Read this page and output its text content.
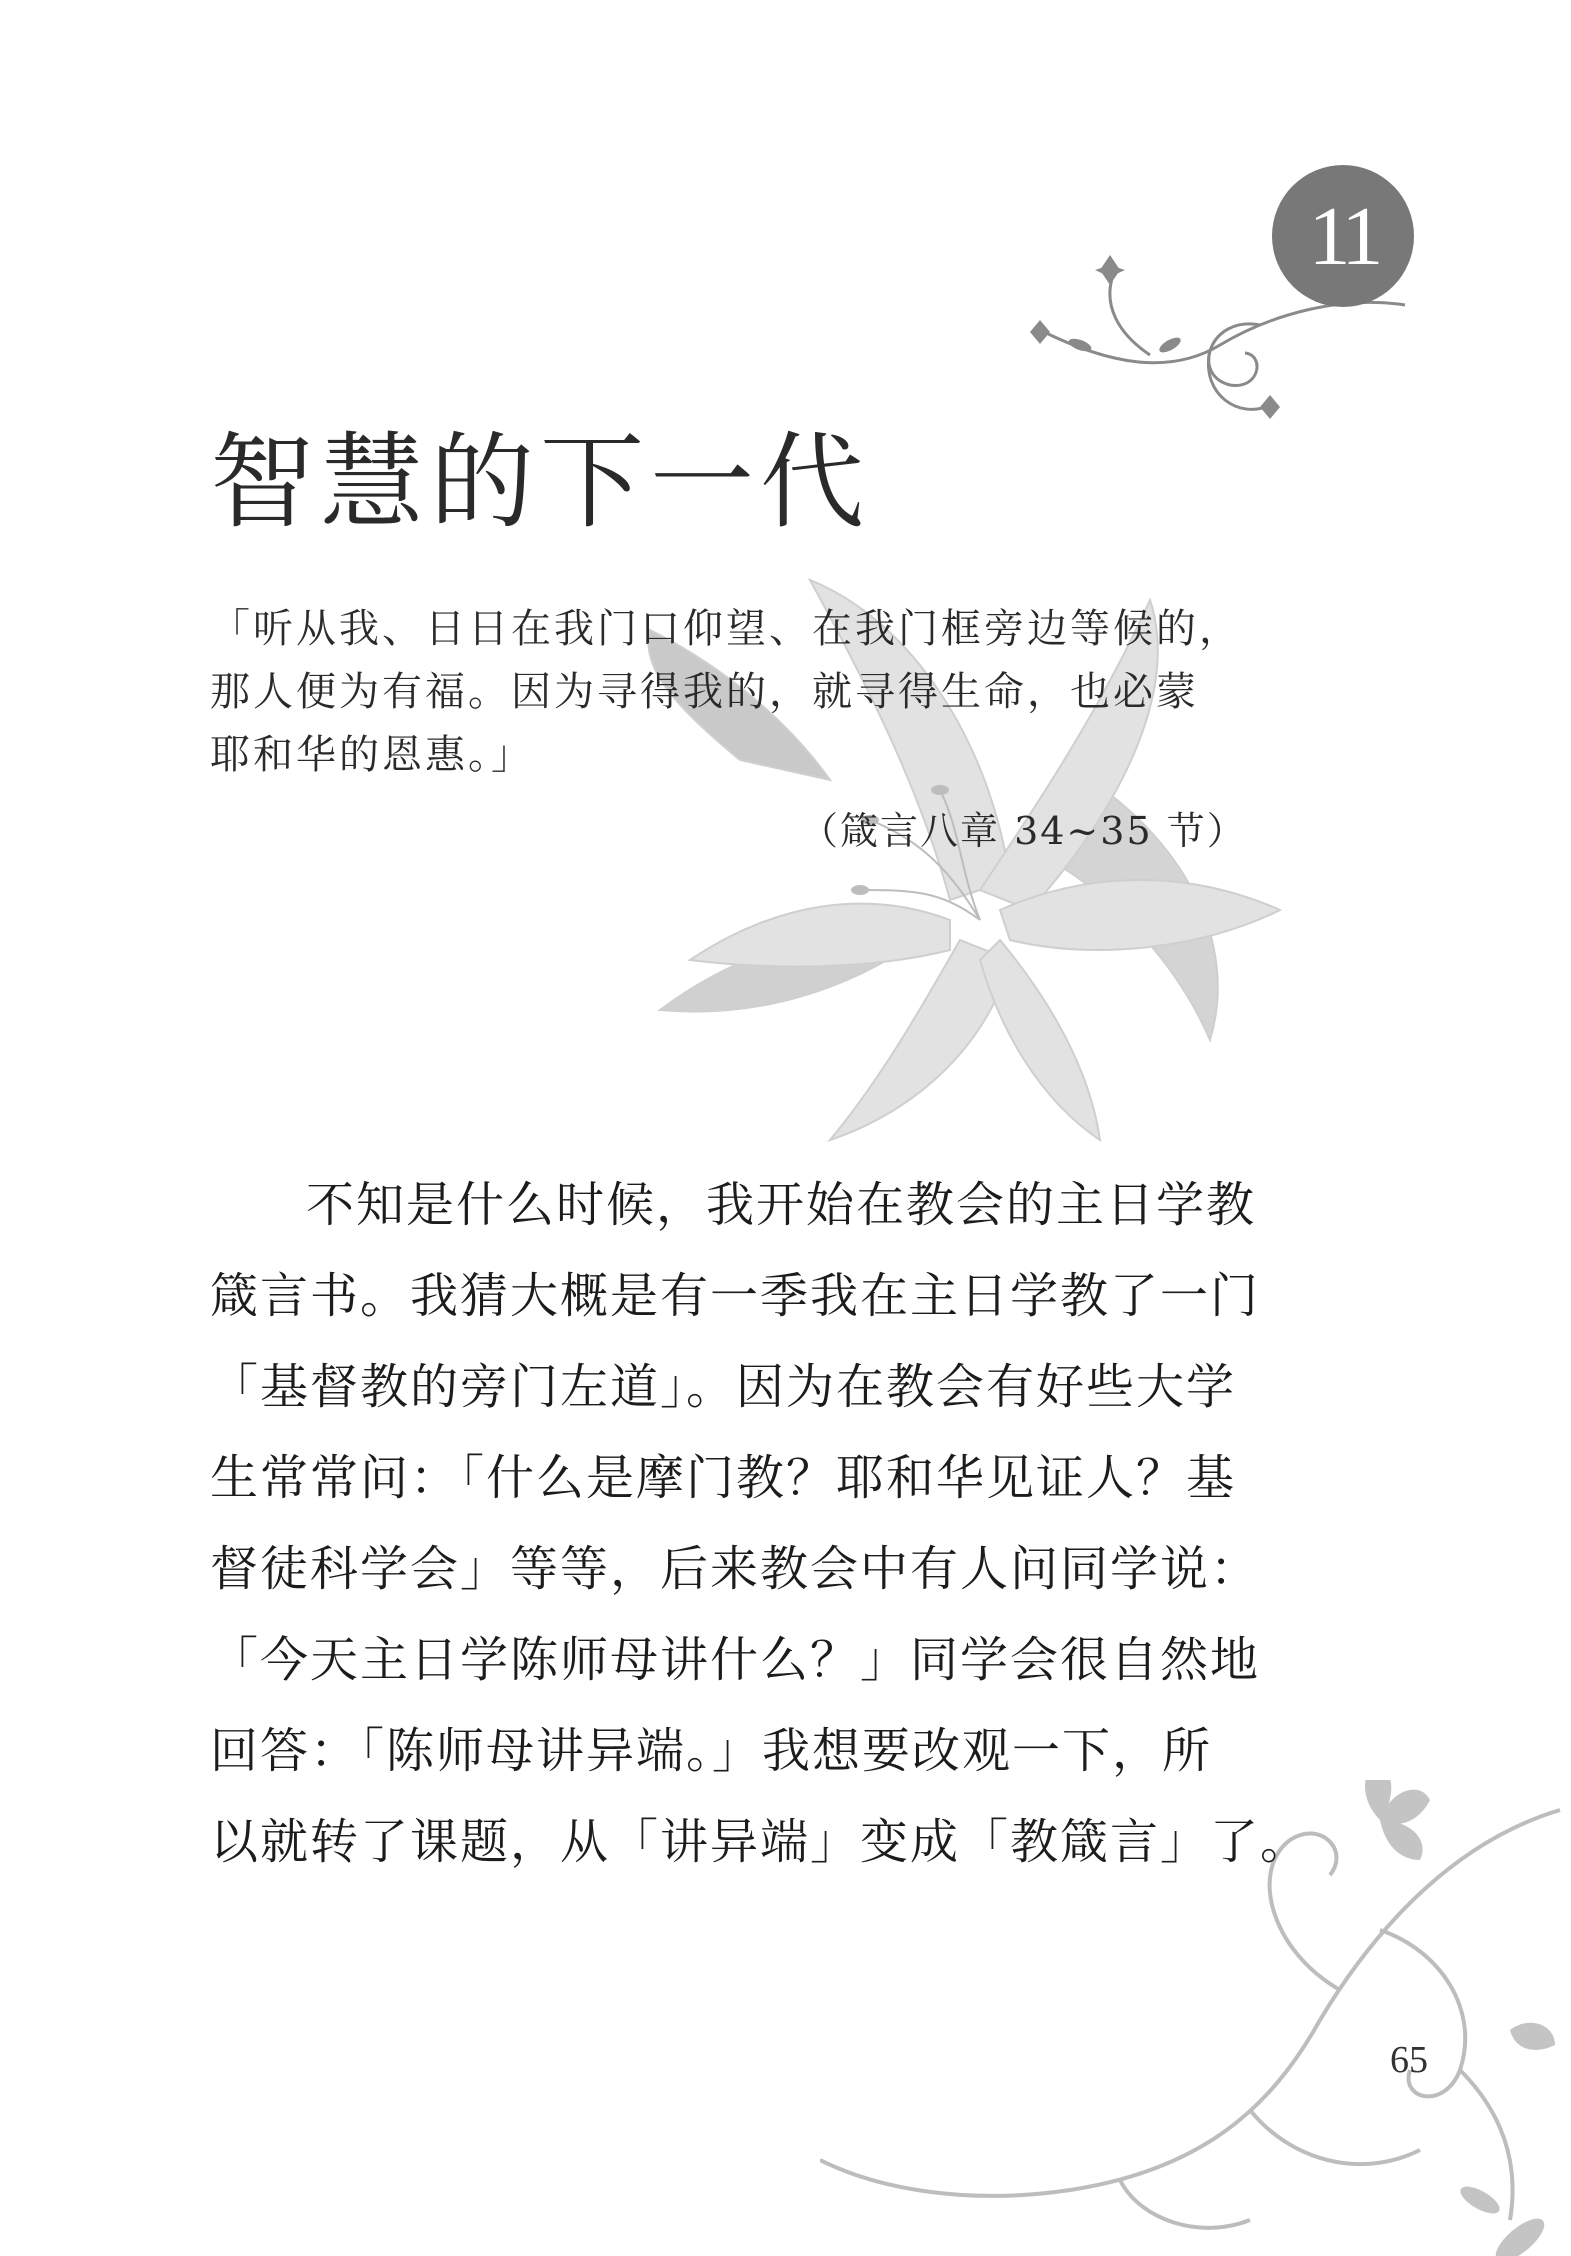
11
智慧的下一代

「听从我、日日在我门口仰望、在我门框旁边等候的，

那人便为有福。因为寻得我的，就寻得生命，也必蒙

耶和华的恩惠。」

（箴言八章 34~35 节）

不知是什么时候，我开始在教会的主日学教

箴言书。我猜大概是有一季我在主日学教了一门

「基督教的旁门左道」。因为在教会有好些大学

生常常问：「什么是摩门教？耶和华见证人？基

督徒科学会」等等，后来教会中有人问同学说：

「今天主日学陈师母讲什么？」同学会很自然地

回答：「陈师母讲异端。」我想要改观一下，所

以就转了课题，从「讲异端」变成「教箴言」了。

65
